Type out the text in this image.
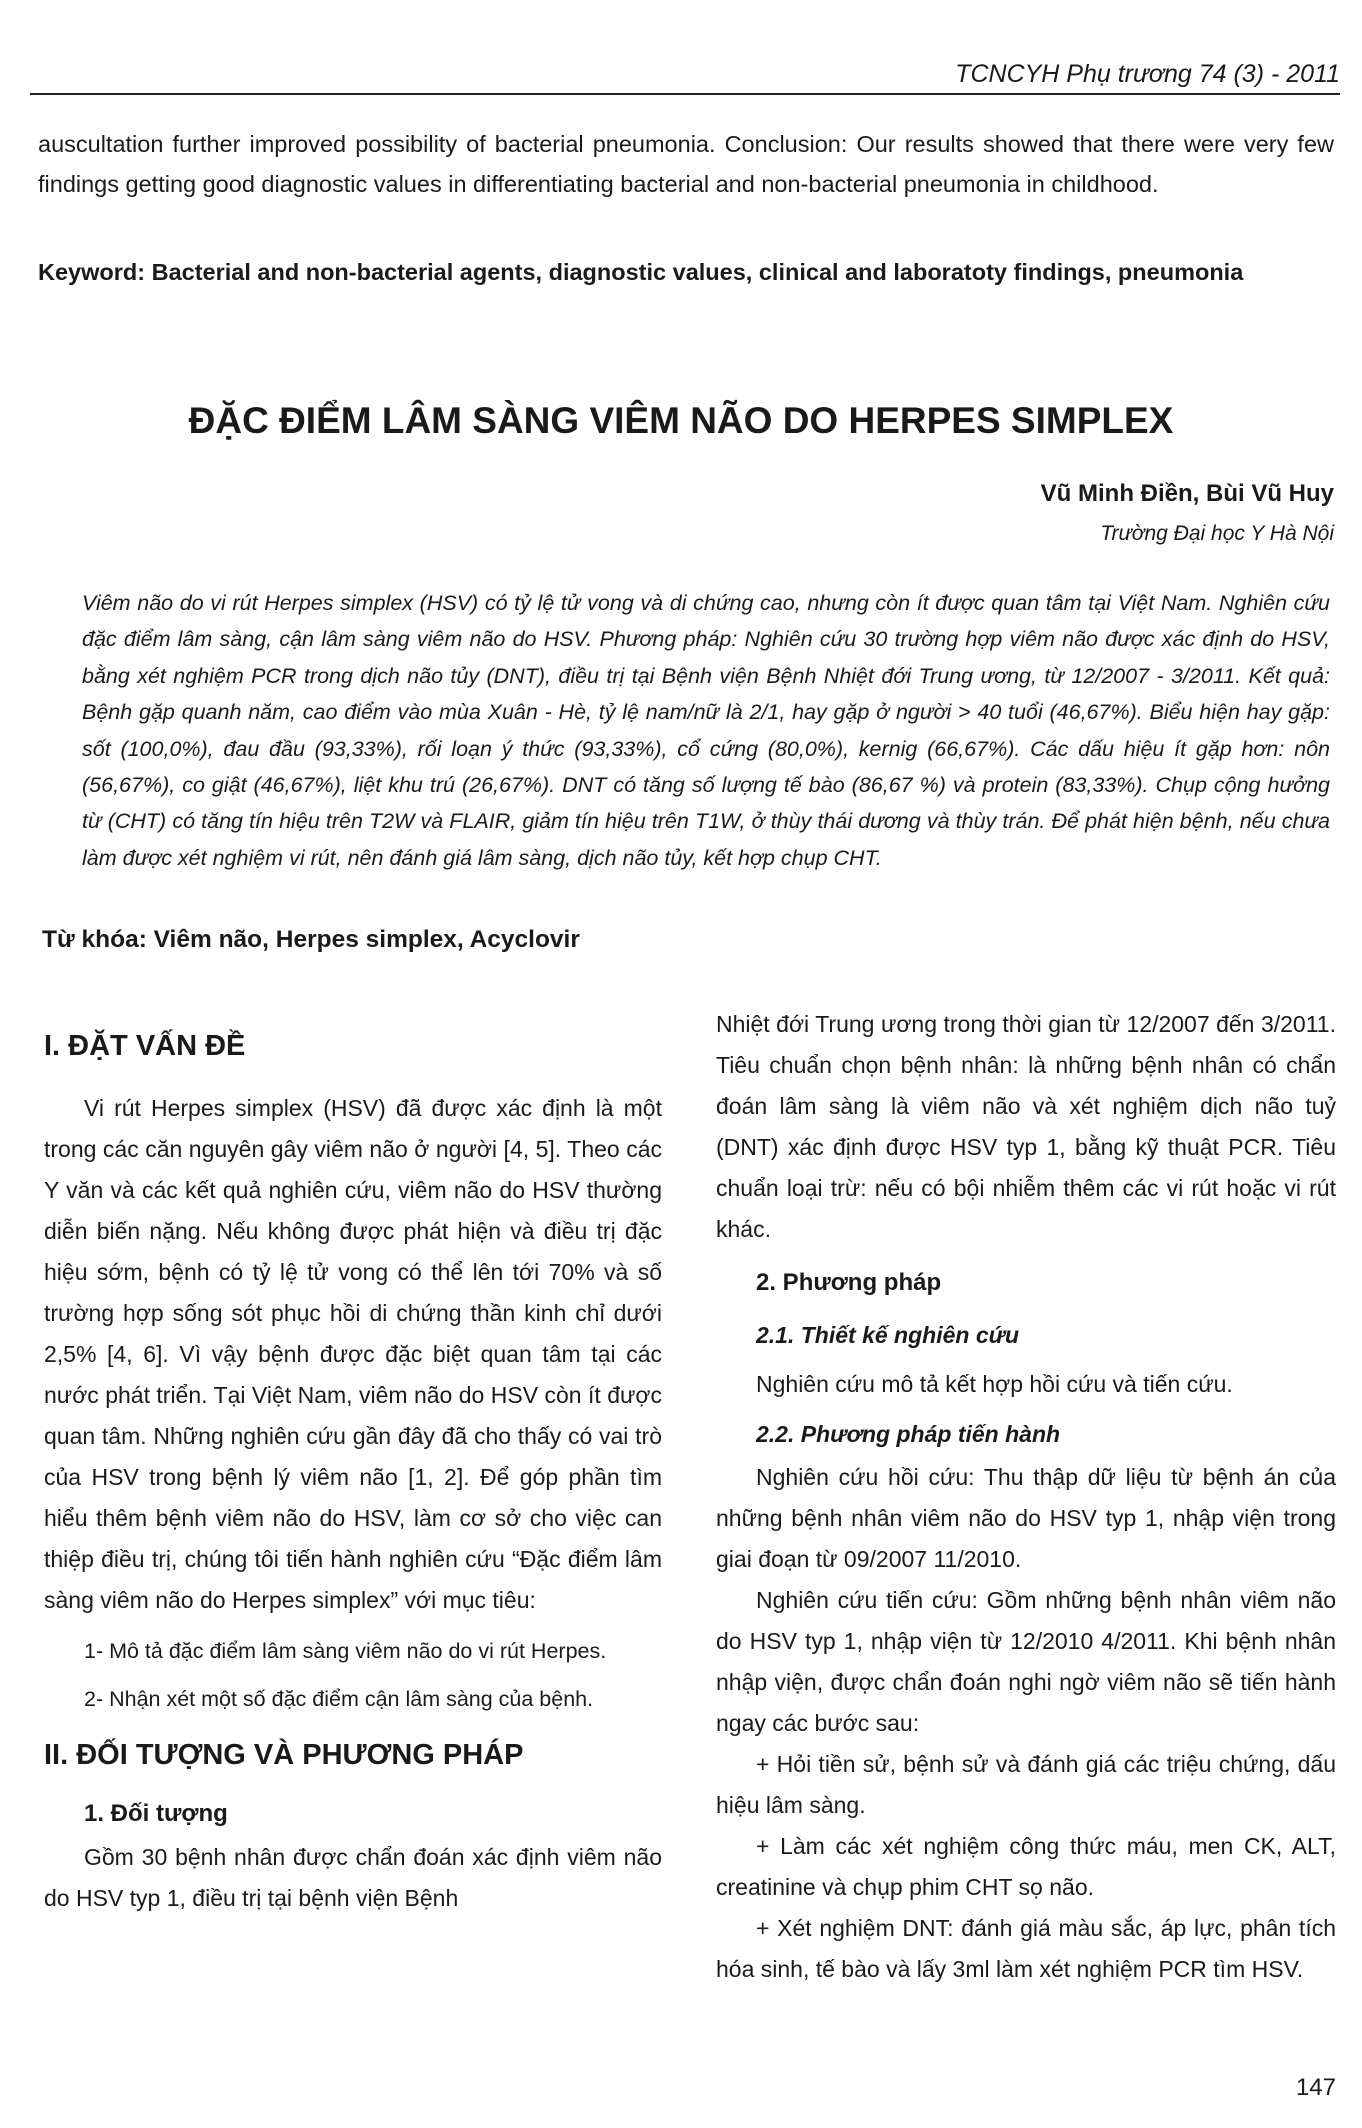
TCNCYH Phụ trương 74 (3) - 2011

auscultation further improved possibility of bacterial pneumonia. Conclusion: Our results showed that there were very few findings getting good diagnostic values in differentiating bacterial and non-bacterial pneumonia in childhood.

Keyword: Bacterial and non-bacterial agents, diagnostic values, clinical and laboratoty findings, pneumonia

ĐẶC ĐIỂM LÂM SÀNG VIÊM NÃO DO HERPES SIMPLEX
Vũ Minh Điền, Bùi Vũ Huy
Trường Đại học Y Hà Nội

Viêm não do vi rút Herpes simplex (HSV) có tỷ lệ tử vong và di chứng cao, nhưng còn ít được quan tâm tại Việt Nam. Nghiên cứu đặc điểm lâm sàng, cận lâm sàng viêm não do HSV. Phương pháp: Nghiên cứu 30 trường hợp viêm não được xác định do HSV, bằng xét nghiệm PCR trong dịch não tủy (DNT), điều trị tại Bệnh viện Bệnh Nhiệt đới Trung ương, từ 12/2007 - 3/2011. Kết quả: Bệnh gặp quanh năm, cao điểm vào mùa Xuân - Hè, tỷ lệ nam/nữ là 2/1, hay gặp ở người > 40 tuổi (46,67%). Biểu hiện hay gặp: sốt (100,0%), đau đầu (93,33%), rối loạn ý thức (93,33%), cổ cứng (80,0%), kernig (66,67%). Các dấu hiệu ít gặp hơn: nôn (56,67%), co giật (46,67%), liệt khu trú (26,67%). DNT có tăng số lượng tế bào (86,67 %) và protein (83,33%). Chụp cộng hưởng từ (CHT) có tăng tín hiệu trên T2W và FLAIR, giảm tín hiệu trên T1W, ở thùy thái dương và thùy trán. Để phát hiện bệnh, nếu chưa làm được xét nghiệm vi rút, nên đánh giá lâm sàng, dịch não tủy, kết hợp chụp CHT.

Từ khóa: Viêm não, Herpes simplex, Acyclovir
I. ĐẶT VẤN ĐỀ

Vi rút Herpes simplex (HSV) đã được xác định là một trong các căn nguyên gây viêm não ở người [4, 5]. Theo các Y văn và các kết quả nghiên cứu, viêm não do HSV thường diễn biến nặng. Nếu không được phát hiện và điều trị đặc hiệu sớm, bệnh có tỷ lệ tử vong có thể lên tới 70% và số trường hợp sống sót phục hồi di chứng thần kinh chỉ dưới 2,5% [4, 6]. Vì vậy bệnh được đặc biệt quan tâm tại các nước phát triển. Tại Việt Nam, viêm não do HSV còn ít được quan tâm. Những nghiên cứu gần đây đã cho thấy có vai trò của HSV trong bệnh lý viêm não [1, 2]. Để góp phần tìm hiểu thêm bệnh viêm não do HSV, làm cơ sở cho việc can thiệp điều trị, chúng tôi tiến hành nghiên cứu “Đặc điểm lâm sàng viêm não do Herpes simplex” với mục tiêu:

1- Mô tả đặc điểm lâm sàng viêm não do vi rút Herpes.

2- Nhận xét một số đặc điểm cận lâm sàng của bệnh.

II. ĐỐI TƯỢNG VÀ PHƯƠNG PHÁP
1. Đối tượng

Gồm 30 bệnh nhân được chẩn đoán xác định viêm não do HSV typ 1, điều trị tại bệnh viện Bệnh

Nhiệt đới Trung ương trong thời gian từ 12/2007 đến 3/2011. Tiêu chuẩn chọn bệnh nhân: là những bệnh nhân có chẩn đoán lâm sàng là viêm não và xét nghiệm dịch não tuỷ (DNT) xác định được HSV typ 1, bằng kỹ thuật PCR. Tiêu chuẩn loại trừ: nếu có bội nhiễm thêm các vi rút hoặc vi rút khác.

2. Phương pháp
2.1. Thiết kế nghiên cứu

Nghiên cứu mô tả kết hợp hồi cứu và tiến cứu.

2.2. Phương pháp tiến hành

Nghiên cứu hồi cứu: Thu thập dữ liệu từ bệnh án của những bệnh nhân viêm não do HSV typ 1, nhập viện trong giai đoạn từ 09/2007 11/2010.

Nghiên cứu tiến cứu: Gồm những bệnh nhân viêm não do HSV typ 1, nhập viện từ 12/2010 4/2011. Khi bệnh nhân nhập viện, được chẩn đoán nghi ngờ viêm não sẽ tiến hành ngay các bước sau:

+ Hỏi tiền sử, bệnh sử và đánh giá các triệu chứng, dấu hiệu lâm sàng.

+ Làm các xét nghiệm công thức máu, men CK, ALT, creatinine và chụp phim CHT sọ não.

+ Xét nghiệm DNT: đánh giá màu sắc, áp lực, phân tích hóa sinh, tế bào và lấy 3ml làm xét nghiệm PCR tìm HSV.

147
